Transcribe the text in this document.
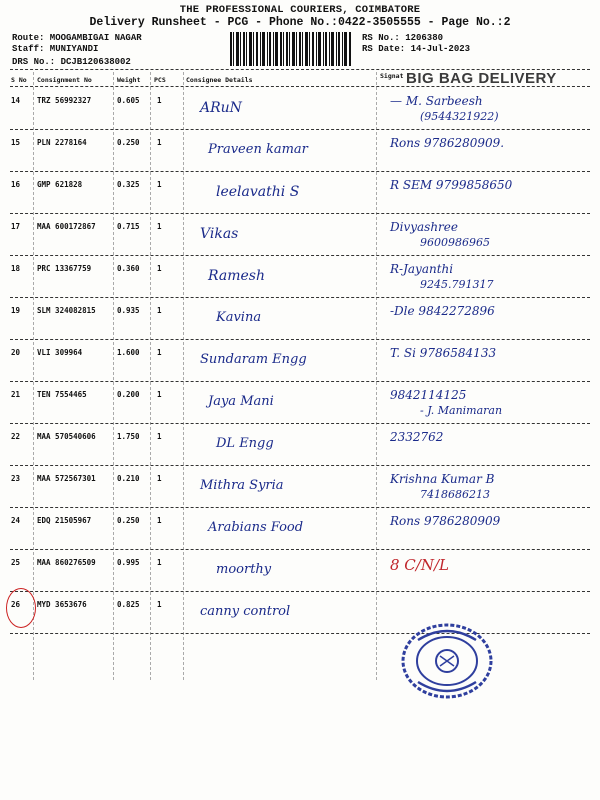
THE PROFESSIONAL COURIERS, COIMBATORE
Delivery Runsheet - PCG - Phone No.:0422-3505555 - Page No.:2
Route: MOOGAMBIGAI NAGAR
Staff: MUNIYANDI
DRS No.: DCJB120638002
RS No.: 1206380
RS Date: 14-Jul-2023
S No Consignment No	Weight PCS	Consignee Details	Signat BIG BAG DELIVERY
14 TRZ 56992327	0.605 1	ARuN	— M. Sarbeesh
(9544321922)
15 PLN 2278164	0.250 1	Praveen kamar	Rons 9786280909.
16 GMP 621828	0.325 1	leelavathi S	R SEM 9799858650
17 MAA 600172867	0.715 1	Vikas	Divyashree
9600986965
18 PRC 13367759	0.360 1	Ramesh	R-Jayanthi
9245.791317
19 SLM 324082815	0.935 1	Kavina	-Dle 9842272896
20 VLI 309964	1.600 1	Sundaram Engg	T. Si 9786584133
21 TEN 7554465	0.200 1	Jaya Mani	9842114125
- J. Manimaran
22 MAA 570540606	1.750 1	DL Engg	2332762
23 MAA 572567301	0.210 1	Mithra Syria	Krishna Kumar B
7418686213
24 EDQ 21505967	0.250 1	Arabians Food	Rons 9786280909
25 MAA 860276509	0.995 1	moorthy	8 C/N/L
26 MYD 3653676	0.825 1	canny control
